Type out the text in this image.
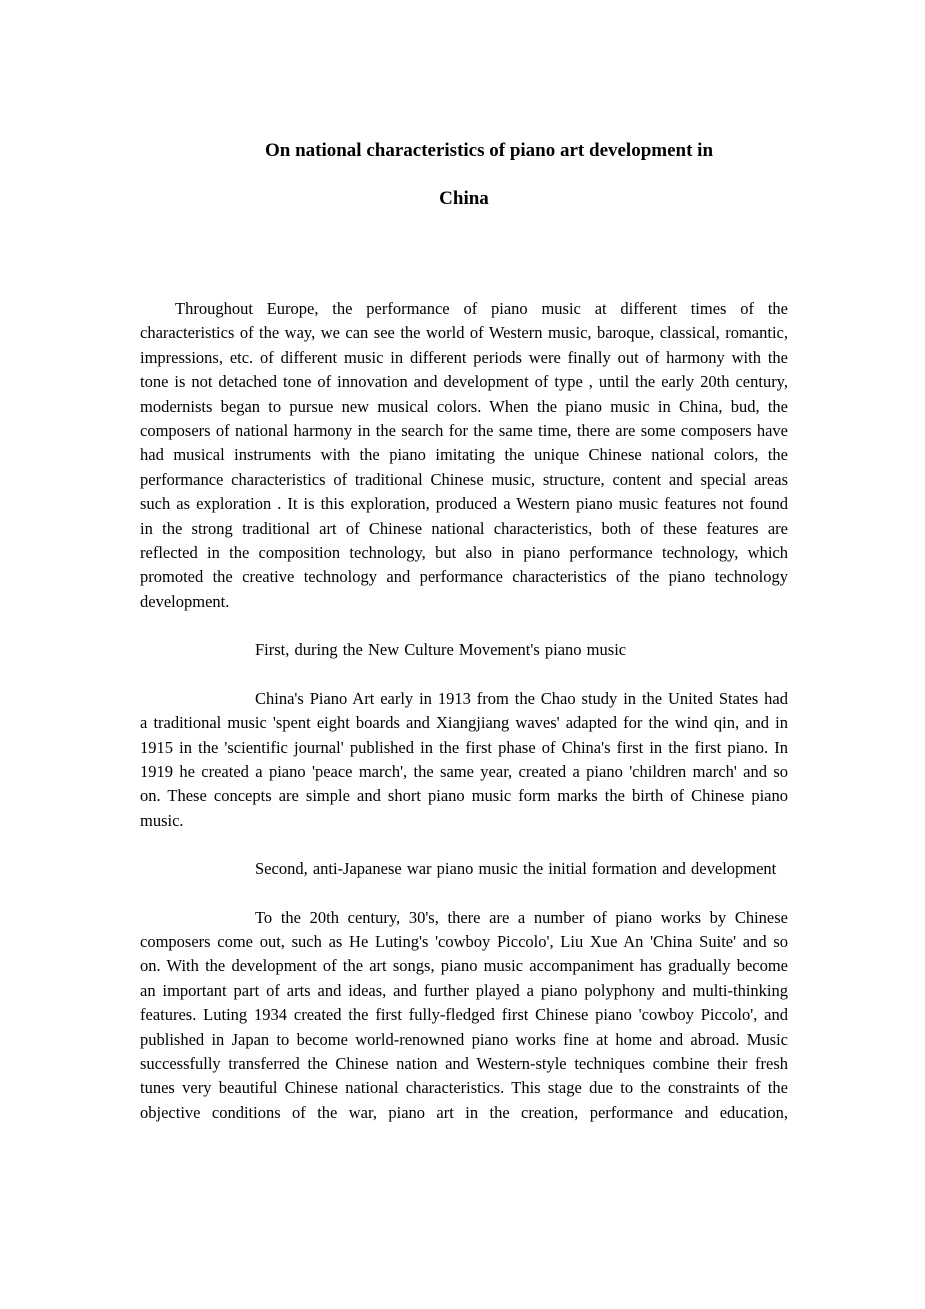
On national characteristics of piano art development in
China

Throughout Europe, the performance of piano music at different times of the characteristics of the way, we can see the world of Western music, baroque, classical, romantic, impressions, etc. of different music in different periods were finally out of harmony with the tone is not detached tone of innovation and development of type , until the early 20th century, modernists began to pursue new musical colors. When the piano music in China, bud, the composers of national harmony in the search for the same time, there are some composers have had musical instruments with the piano imitating the unique Chinese national colors, the performance characteristics of traditional Chinese music, structure, content and special areas such as exploration . It is this exploration, produced a Western piano music features not found in the strong traditional art of Chinese national characteristics, both of these features are reflected in the composition technology, but also in piano performance technology, which promoted the creative technology and performance characteristics of the piano technology development.

First, during the New Culture Movement's piano music

China's Piano Art early in 1913 from the Chao study in the United States had a traditional music 'spent eight boards and Xiangjiang waves' adapted for the wind qin, and in 1915 in the 'scientific journal' published in the first phase of China's first in the first piano. In 1919 he created a piano 'peace march', the same year, created a piano 'children march' and so on. These concepts are simple and short piano music form marks the birth of Chinese piano music.

Second, anti-Japanese war piano music the initial formation and development

To the 20th century, 30's, there are a number of piano works by Chinese composers come out, such as He Luting's 'cowboy Piccolo', Liu Xue An 'China Suite' and so on. With the development of the art songs, piano music accompaniment has gradually become an important part of arts and ideas, and further played a piano polyphony and multi-thinking features. Luting 1934 created the first fully-fledged first Chinese piano 'cowboy Piccolo', and published in Japan to become world-renowned piano works fine at home and abroad. Music successfully transferred the Chinese nation and Western-style techniques combine their fresh tunes very beautiful Chinese national characteristics. This stage due to the constraints of the objective conditions of the war, piano art in the creation, performance and education,
